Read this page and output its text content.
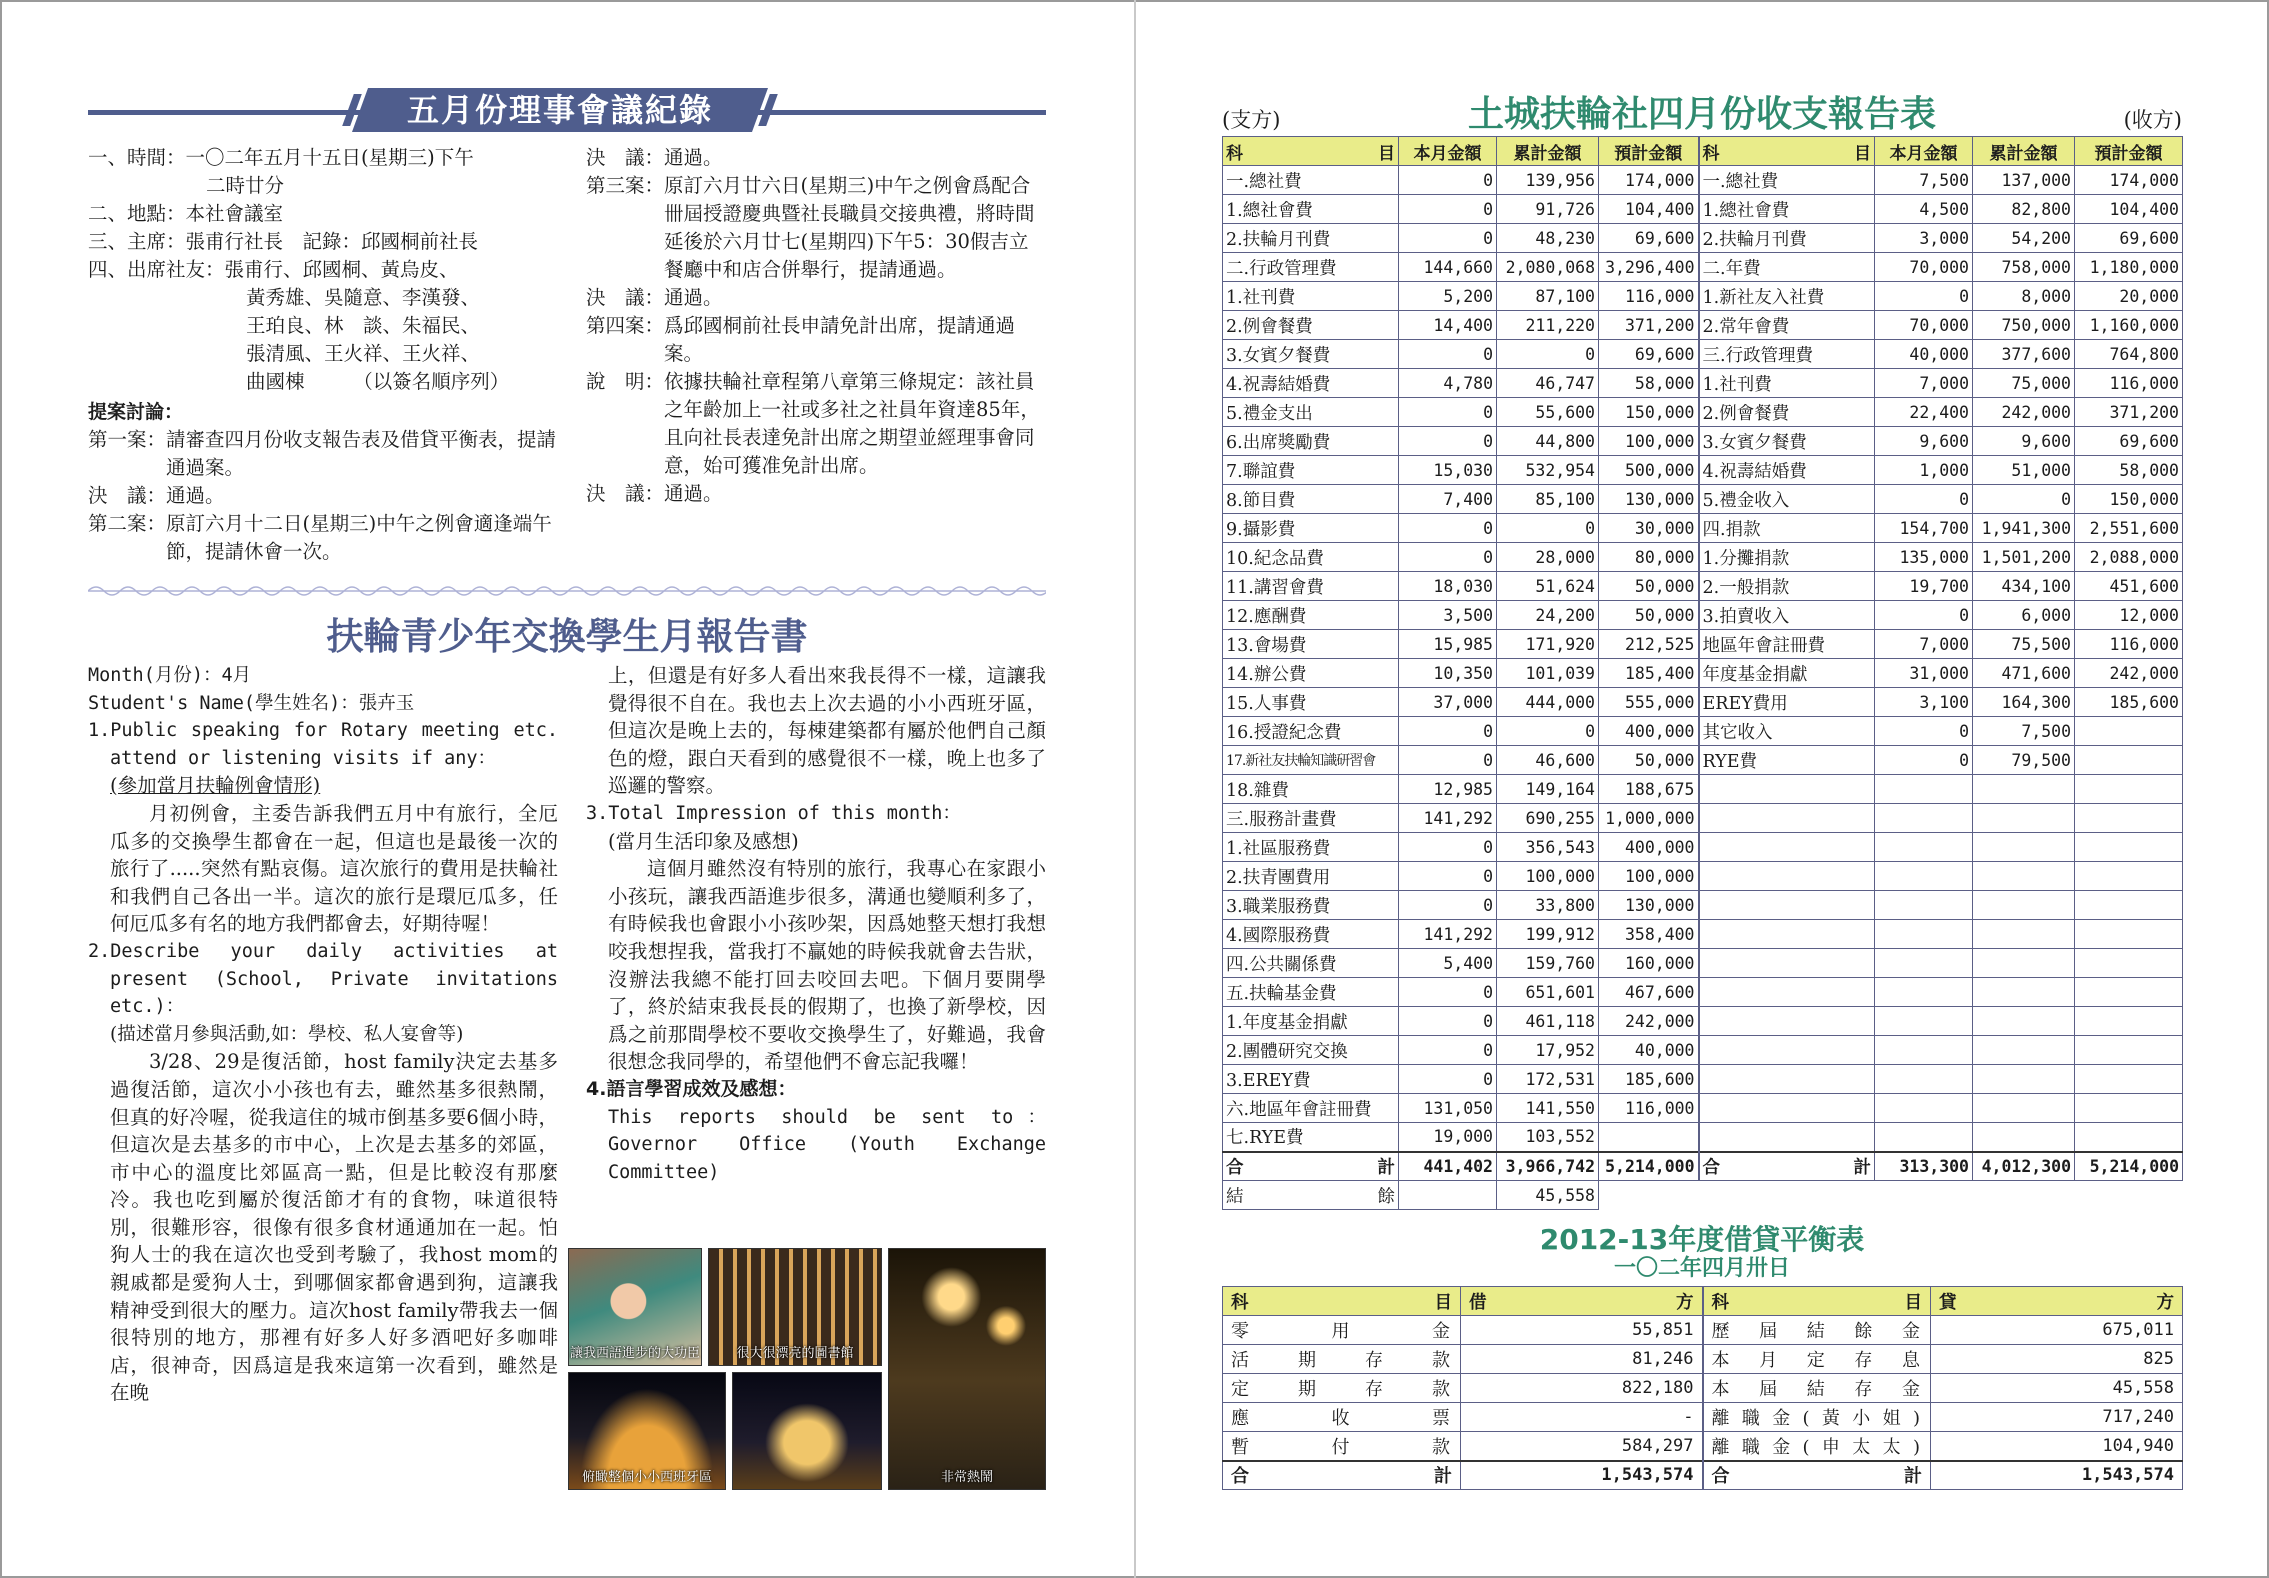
五月份理事會議紀錄
一、時間： 一〇二年五月十五日(星期三)下午
二時廿分
二、地點：本社會議室
三、主席：張甫行社長　記錄：邱國桐前社長
四、出席社友： 張甫行、邱國桐、黃烏皮、
黃秀雄、吳隨意、李漢發、
王珀良、林　談、朱福民、
張清風、王火祥、王火祥、
曲國棟　　　（以簽名順序列）
提案討論：
第一案： 請審查四月份收支報告表及借貸平衡表，提請通過案。
決　議： 通過。
第二案： 原訂六月十二日(星期三)中午之例會適逢端午節，提請休會一次。
決　議： 通過。
第三案： 原訂六月廿六日(星期三)中午之例會爲配合卌屆授證慶典暨社長職員交接典禮，將時間延後於六月廿七(星期四)下午5：30假吉立餐廳中和店合併舉行，提請通過。
決　議： 通過。
第四案： 爲邱國桐前社長申請免計出席，提請通過案。
說　明： 依據扶輪社章程第八章第三條規定：該社員之年齡加上一社或多社之社員年資達85年，且向社長表達免計出席之期望並經理事會同意，始可獲准免計出席。
決　議： 通過。
扶輪青少年交換學生月報告書
Month(月份)：4月
Student's Name(學生姓名)：張卉玉
1.Public speaking for Rotary meeting etc. attend or listening visits if any：
(參加當月扶輪例會情形)
月初例會，主委告訴我們五月中有旅行，全厄瓜多的交換學生都會在一起，但這也是最後一次的旅行了.....突然有點哀傷。這次旅行的費用是扶輪社和我們自己各出一半。這次的旅行是環厄瓜多，任何厄瓜多有名的地方我們都會去，好期待喔！
2.Describe your daily activities at present (School, Private invitations etc.)：
(描述當月參與活動,如：學校、私人宴會等)
3/28、29是復活節，host family決定去基多過復活節，這次小小孩也有去，雖然基多很熱鬧，但真的好冷喔，從我這住的城市倒基多要6個小時，但這次是去基多的市中心，上次是去基多的郊區，市中心的溫度比郊區高一點，但是比較沒有那麼冷。我也吃到屬於復活節才有的食物，味道很特別，很難形容，很像有很多食材通通加在一起。怕狗人士的我在這次也受到考驗了，我host mom的親戚都是愛狗人士，到哪個家都會遇到狗，這讓我精神受到很大的壓力。這次host family帶我去一個很特別的地方，那裡有好多人好多酒吧好多咖啡店，很神奇，因爲這是我來這第一次看到，雖然是在晚
上，但還是有好多人看出來我長得不一樣，這讓我覺得很不自在。我也去上次去過的小小西班牙區，但這次是晚上去的，每棟建築都有屬於他們自己顏色的燈，跟白天看到的感覺很不一樣，晚上也多了巡邏的警察。
3.Total Impression of this month：
(當月生活印象及感想)
這個月雖然沒有特別的旅行，我專心在家跟小小孩玩，讓我西語進步很多，溝通也變順利多了，有時候我也會跟小小孩吵架，因爲她整天想打我想咬我想捏我，當我打不贏她的時候我就會去告狀，沒辦法我總不能打回去咬回去吧。下個月要開學了，終於結束我長長的假期了，也換了新學校，因爲之前那間學校不要收交換學生了，好難過，我會很想念我同學的，希望他們不會忘記我囉！
4.語言學習成效及感想：
This reports should be sent to：Governor Office (Youth Exchange Committee)
讓我西語進步的大功臣	很大很漂亮的圖書館
非常熱鬧
俯瞰整個小小西班牙區
土城扶輪社四月份收支報告表
(支方)	(收方)
科 目	本月金額	累計金額	預計金額	科 目	本月金額	累計金額	預計金額
一.總社費	0	139,956	174,000	一.總社費	7,500	137,000	174,000
1.總社會費	0	91,726	104,400	1.總社會費	4,500	82,800	104,400
2.扶輪月刊費	0	48,230	69,600	2.扶輪月刊費	3,000	54,200	69,600
二.行政管理費	144,660	2,080,068	3,296,400	二.年費	70,000	758,000	1,180,000
1.社刊費	5,200	87,100	116,000	1.新社友入社費	0	8,000	20,000
2.例會餐費	14,400	211,220	371,200	2.常年會費	70,000	750,000	1,160,000
3.女賓夕餐費	0	0	69,600	三.行政管理費	40,000	377,600	764,800
4.祝壽結婚費	4,780	46,747	58,000	1.社刊費	7,000	75,000	116,000
5.禮金支出	0	55,600	150,000	2.例會餐費	22,400	242,000	371,200
6.出席獎勵費	0	44,800	100,000	3.女賓夕餐費	9,600	9,600	69,600
7.聯誼費	15,030	532,954	500,000	4.祝壽結婚費	1,000	51,000	58,000
8.節目費	7,400	85,100	130,000	5.禮金收入	0	0	150,000
9.攝影費	0	0	30,000	四.捐款	154,700	1,941,300	2,551,600
10.紀念品費	0	28,000	80,000	1.分攤捐款	135,000	1,501,200	2,088,000
11.講習會費	18,030	51,624	50,000	2.一般捐款	19,700	434,100	451,600
12.應酬費	3,500	24,200	50,000	3.拍賣收入	0	6,000	12,000
13.會場費	15,985	171,920	212,525	地區年會註冊費	7,000	75,500	116,000
14.辦公費	10,350	101,039	185,400	年度基金捐獻	31,000	471,600	242,000
15.人事費	37,000	444,000	555,000	EREY費用	3,100	164,300	185,600
16.授證紀念費	0	0	400,000	其它收入	0	7,500	
17.新社友扶輪知識研習會	0	46,600	50,000	RYE費	0	79,500	
18.雜費	12,985	149,164	188,675				
三.服務計畫費	141,292	690,255	1,000,000				
1.社區服務費	0	356,543	400,000				
2.扶青團費用	0	100,000	100,000				
3.職業服務費	0	33,800	130,000				
4.國際服務費	141,292	199,912	358,400				
四.公共關係費	5,400	159,760	160,000				
五.扶輪基金費	0	651,601	467,600				
1.年度基金捐獻	0	461,118	242,000				
2.團體研究交換	0	17,952	40,000				
3.EREY費	0	172,531	185,600				
六.地區年會註冊費	131,050	141,550	116,000				
七.RYE費	19,000	103,552					

合 計	441,402	3,966,742	5,214,000	合 計	313,300	4,012,300	5,214,000

結 餘		45,558					
2012-13年度借貸平衡表
一〇二年四月卅日
科 目	借 方	科 目	貸 方

零用金	55,851	歷屆結餘金	675,011
活期存款	81,246	本月定存息	825
定期存款	822,180	本屆結存金	45,558
應收票	-	離職金(黃小姐)	717,240
暫付款	584,297	離職金(申太太)	104,940

合 計	1,543,574	合 計	1,543,574
